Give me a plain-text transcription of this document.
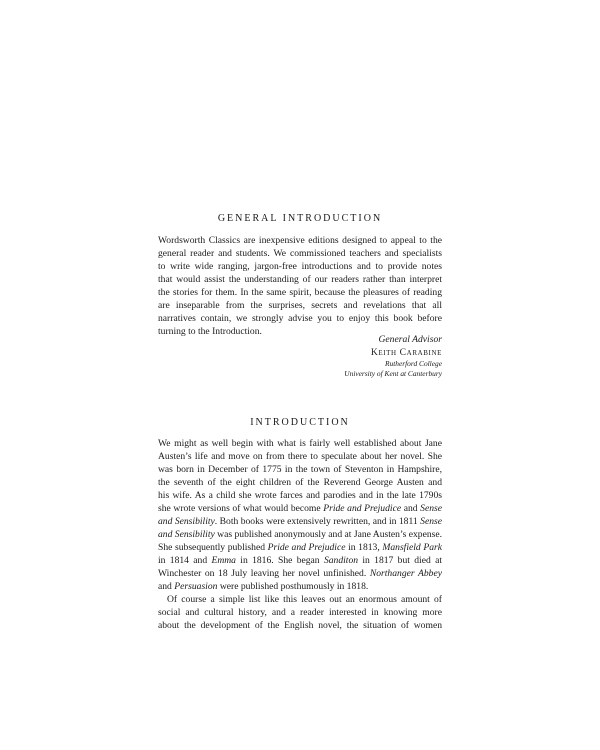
GENERAL INTRODUCTION
Wordsworth Classics are inexpensive editions designed to appeal to the
general reader and students. We commissioned teachers and specialists
to write wide ranging, jargon-free introductions and to provide notes
that would assist the understanding of our readers rather than interpret
the stories for them. In the same spirit, because the pleasures of reading
are inseparable from the surprises, secrets and revelations that all
narratives contain, we strongly advise you to enjoy this book before
turning to the Introduction.
General Advisor
Keith Carabine
Rutherford College
University of Kent at Canterbury
INTRODUCTION
We might as well begin with what is fairly well established about Jane
Austen’s life and move on from there to speculate about her novel. She
was born in December of 1775 in the town of Steventon in Hampshire,
the seventh of the eight children of the Reverend George Austen and
his wife. As a child she wrote farces and parodies and in the late 1790s
she wrote versions of what would become Pride and Prejudice and Sense
and Sensibility. Both books were extensively rewritten, and in 1811 Sense
and Sensibility was published anonymously and at Jane Austen’s expense.
She subsequently published Pride and Prejudice in 1813, Mansfield Park
in 1814 and Emma in 1816. She began Sanditon in 1817 but died at
Winchester on 18 July leaving her novel unfinished. Northanger Abbey
and Persuasion were published posthumously in 1818.
Of course a simple list like this leaves out an enormous amount of
social and cultural history, and a reader interested in knowing more
about the development of the English novel, the situation of women
